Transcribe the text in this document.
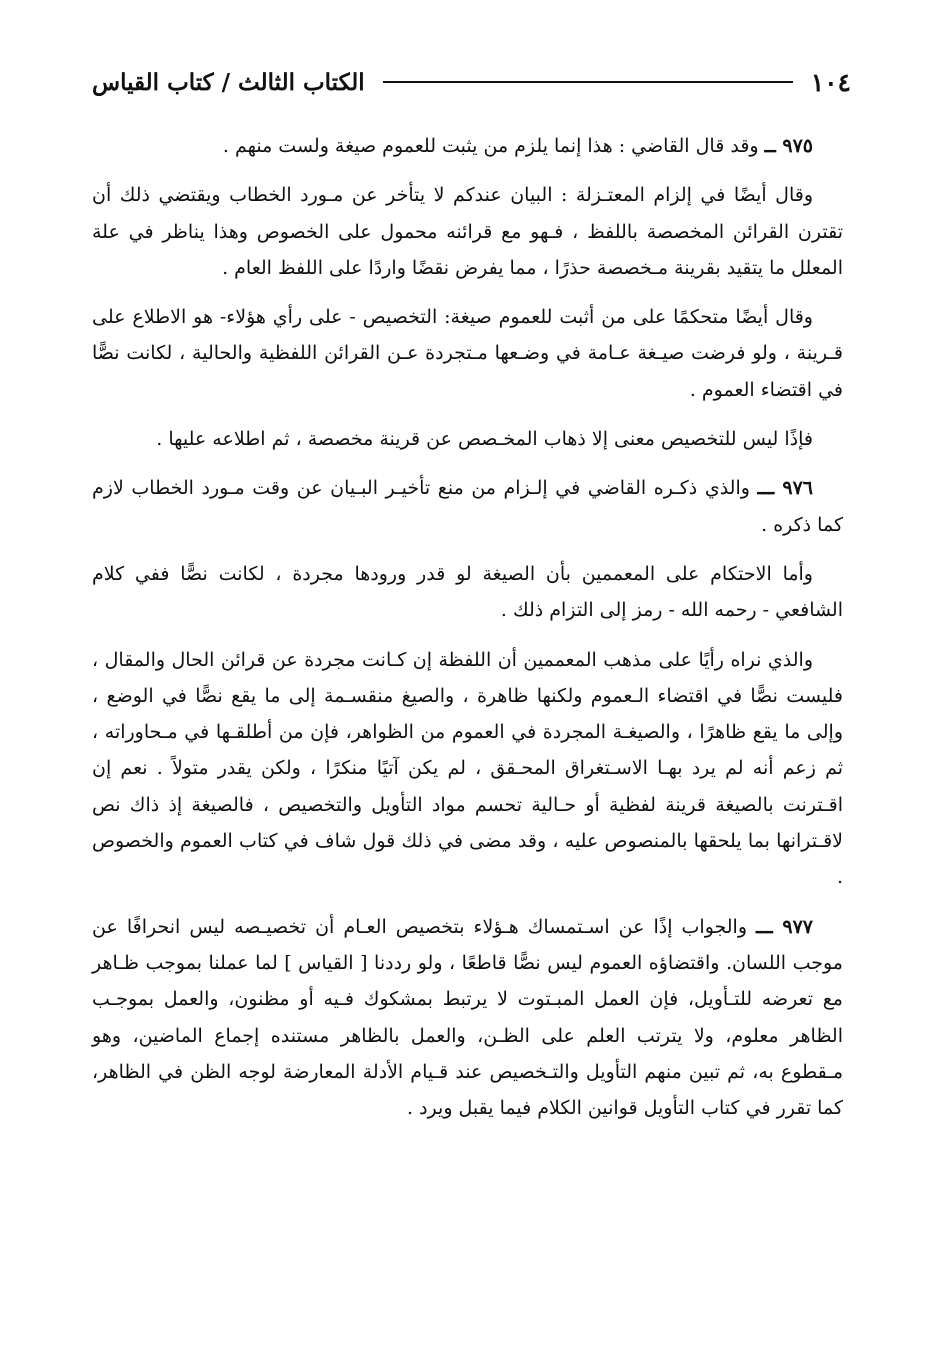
١٠٤
الكتاب الثالث / كتاب القياس

٩٧٥ ــ وقد قال القاضي : هذا إنما يلزم من يثبت للعموم صيغة ولست منهم .

وقال أيضًا في إلزام المعتـزلة : البيان عندكم لا يتأخر عن مـورد الخطاب ويقتضي ذلك أن تقترن القرائن المخصصة باللفظ ، فـهو مع قرائنه محمول على الخصوص وهذا يناظر في علة المعلل ما يتقيد بقرينة مـخصصة حذرًا ، مما يفرض نقضًا واردًا على اللفظ العام .

وقال أيضًا متحكمًا على من أثبت للعموم صيغة: التخصيص - على رأي هؤلاء- هو الاطلاع على قـرينة ، ولو فرضت صيـغة عـامة في وضـعها مـتجردة عـن القرائن اللفظية والحالية ، لكانت نصًّا في اقتضاء العموم .

فإذًا ليس للتخصيص معنى إلا ذهاب المخـصص عن قرينة مخصصة ، ثم اطلاعه عليها .

٩٧٦ ـــ والذي ذكـره القاضي في إلـزام من منع تأخيـر البـيان عن وقت مـورد الخطاب لازم كما ذكره .

وأما الاحتكام على المعممين بأن الصيغة لو قدر ورودها مجردة ، لكانت نصًّا ففي كلام الشافعي - رحمه الله - رمز إلى التزام ذلك .

والذي نراه رأيًا على مذهب المعممين أن اللفظة إن كـانت مجردة عن قرائن الحال والمقال ، فليست نصًّا في اقتضاء الـعموم ولكنها ظاهرة ، والصيغ منقسـمة إلى ما يقع نصًّا في الوضع ، وإلى ما يقع ظاهرًا ، والصيغـة المجردة في العموم من الظواهر، فإن من أطلقـها في مـحاوراته ، ثم زعم أنه لم يرد بهـا الاسـتغراق المحـقق ، لم يكن آتيًا منكرًا ، ولكن يقدر متولاً . نعم إن اقـترنت بالصيغة قرينة لفظية أو حـالية تحسم مواد التأويل والتخصيص ، فالصيغة إذ ذاك نص لاقـترانها بما يلحقها بالمنصوص عليه ، وقد مضى في ذلك قول شاف في كتاب العموم والخصوص .

٩٧٧ ـــ والجواب إذًا عن اسـتمساك هـؤلاء بتخصيص العـام أن تخصيـصه ليس انحرافًا عن موجب اللسان. واقتضاؤه العموم ليس نصًّا قاطعًا ، ولو رددنا [ القياس ] لما عملنا بموجب ظـاهر مع تعرضه للتـأويل، فإن العمل المبـتوت لا يرتبط بمشكوك فـيه أو مظنون، والعمل بموجـب الظاهر معلوم، ولا يترتب العلم على الظـن، والعمل بالظاهر مستنده إجماع الماضين، وهو مـقطوع به، ثم تبين منهم التأويل والتـخصيص عند قـيام الأدلة المعارضة لوجه الظن في الظاهر، كما تقرر في كتاب التأويل قوانين الكلام فيما يقبل ويرد .
